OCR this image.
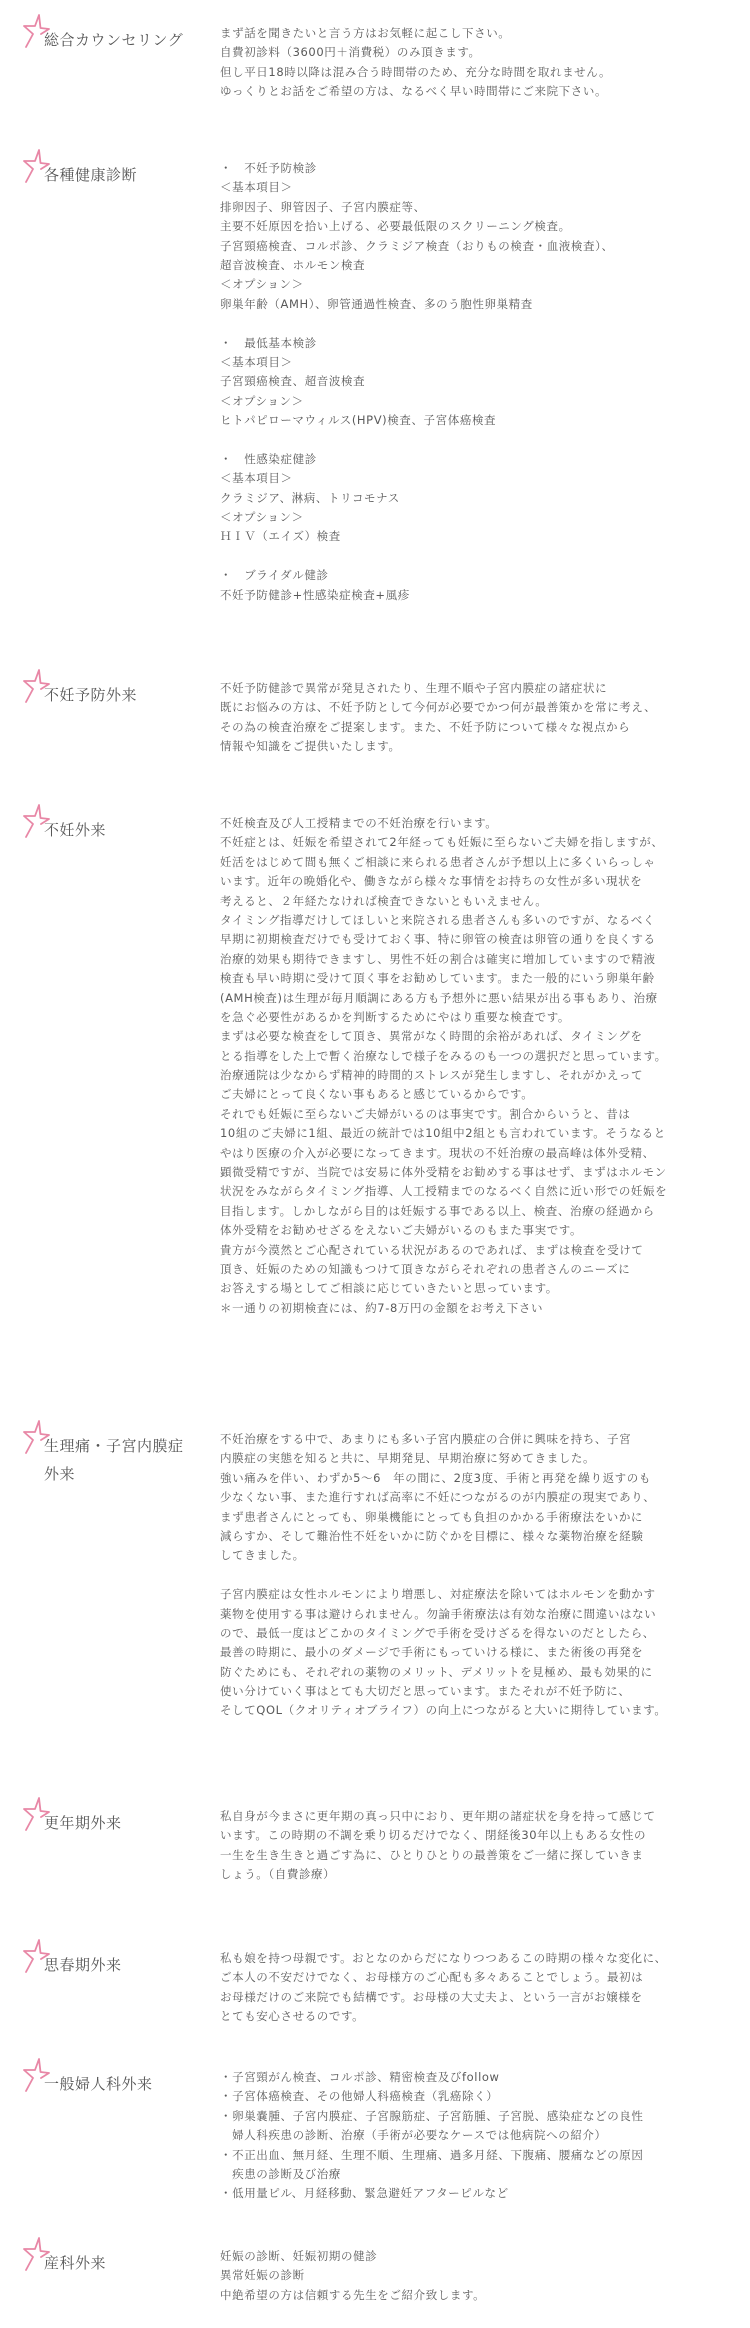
総合カウンセリング	まず話を聞きたいと言う方はお気軽に起こし下さい。
自費初診料（3600円＋消費税）のみ頂きます。
但し平日18時以降は混み合う時間帯のため、充分な時間を取れません。
ゆっくりとお話をご希望の方は、なるべく早い時間帯にご来院下さい。
各種健康診断	・　不妊予防検診
＜基本項目＞
排卵因子、卵管因子、子宮内膜症等、
主要不妊原因を拾い上げる、必要最低限のスクリーニング検査。
子宮頸癌検査、コルポ診、クラミジア検査（おりもの検査・血液検査）、
超音波検査、ホルモン検査
＜オプション＞
卵巣年齢（AMH）、卵管通過性検査、多のう胞性卵巣精査
・　最低基本検診
＜基本項目＞
子宮頸癌検査、超音波検査
＜オプション＞
ヒトパピローマウィルス(HPV)検査、子宮体癌検査
・　性感染症健診
＜基本項目＞
クラミジア、淋病、トリコモナス
＜オプション＞
ＨＩＶ（エイズ）検査
・　ブライダル健診
不妊予防健診+性感染症検査+風疹
不妊予防外来	不妊予防健診で異常が発見されたり、生理不順や子宮内膜症の諸症状に
既にお悩みの方は、不妊予防として今何が必要でかつ何が最善策かを常に考え、
その為の検査治療をご提案します。また、不妊予防について様々な視点から
情報や知識をご提供いたします。
不妊外来	不妊検査及び人工授精までの不妊治療を行います。
不妊症とは、妊娠を希望されて2年経っても妊娠に至らないご夫婦を指しますが、
妊活をはじめて間も無くご相談に来られる患者さんが予想以上に多くいらっしゃ
います。近年の晩婚化や、働きながら様々な事情をお持ちの女性が多い現状を
考えると、２年経たなければ検査できないともいえません。
タイミング指導だけしてほしいと来院される患者さんも多いのですが、なるべく
早期に初期検査だけでも受けておく事、特に卵管の検査は卵管の通りを良くする
治療的効果も期待できますし、男性不妊の割合は確実に増加していますので精液
検査も早い時期に受けて頂く事をお勧めしています。また一般的にいう卵巣年齢
(AMH検査)は生理が毎月順調にある方も予想外に悪い結果が出る事もあり、治療
を急ぐ必要性があるかを判断するためにやはり重要な検査です。
まずは必要な検査をして頂き、異常がなく時間的余裕があれば、タイミングを
とる指導をした上で暫く治療なしで様子をみるのも一つの選択だと思っています。
治療通院は少なからず精神的時間的ストレスが発生しますし、それがかえって
ご夫婦にとって良くない事もあると感じているからです。
それでも妊娠に至らないご夫婦がいるのは事実です。割合からいうと、昔は
10組のご夫婦に1組、最近の統計では10組中2組とも言われています。そうなると
やはり医療の介入が必要になってきます。現状の不妊治療の最高峰は体外受精、
顕微受精ですが、当院では安易に体外受精をお勧めする事はせず、まずはホルモン
状況をみながらタイミング指導、人工授精までのなるべく自然に近い形での妊娠を
目指します。しかしながら目的は妊娠する事である以上、検査、治療の経過から
体外受精をお勧めせざるをえないご夫婦がいるのもまた事実です。
貴方が今漠然とご心配されている状況があるのであれば、まずは検査を受けて
頂き、妊娠のための知識もつけて頂きながらそれぞれの患者さんのニーズに
お答えする場としてご相談に応じていきたいと思っています。
＊一通りの初期検査には、約7-8万円の金額をお考え下さい
生理痛・子宮内膜症
外来
不妊治療をする中で、あまりにも多い子宮内膜症の合併に興味を持ち、子宮
内膜症の実態を知ると共に、早期発見、早期治療に努めてきました。
強い痛みを伴い、わずか5～6　年の間に、2度3度、手術と再発を繰り返すのも
少なくない事、また進行すれば高率に不妊につながるのが内膜症の現実であり、
まず患者さんにとっても、卵巣機能にとっても負担のかかる手術療法をいかに
減らすか、そして難治性不妊をいかに防ぐかを目標に、様々な薬物治療を経験
してきました。
子宮内膜症は女性ホルモンにより増悪し、対症療法を除いてはホルモンを動かす
薬物を使用する事は避けられません。勿論手術療法は有効な治療に間違いはない
ので、最低一度はどこかのタイミングで手術を受けざるを得ないのだとしたら、
最善の時期に、最小のダメージで手術にもっていける様に、また術後の再発を
防ぐためにも、それぞれの薬物のメリット、デメリットを見極め、最も効果的に
使い分けていく事はとても大切だと思っています。またそれが不妊予防に、
そしてQOL（クオリティオブライフ）の向上につながると大いに期待しています。
更年期外来	私自身が今まさに更年期の真っ只中におり、更年期の諸症状を身を持って感じて
います。この時期の不調を乗り切るだけでなく、閉経後30年以上もある女性の
一生を生き生きと過ごす為に、ひとりひとりの最善策をご一緒に探していきま
しょう。（自費診療）
思春期外来	私も娘を持つ母親です。おとなのからだになりつつあるこの時期の様々な変化に、
ご本人の不安だけでなく、お母様方のご心配も多々あることでしょう。最初は
お母様だけのご来院でも結構です。お母様の大丈夫よ、という一言がお嬢様を
とても安心させるのです。
一般婦人科外来	・子宮頸がん検査、コルポ診、精密検査及びfollow
・子宮体癌検査、その他婦人科癌検査（乳癌除く）
・卵巣嚢腫、子宮内膜症、子宮腺筋症、子宮筋腫、子宮脱、感染症などの良性
　婦人科疾患の診断、治療（手術が必要なケースでは他病院への紹介）
・不正出血、無月経、生理不順、生理痛、過多月経、下腹痛、腰痛などの原因
　疾患の診断及び治療
・低用量ピル、月経移動、緊急避妊アフターピルなど
産科外来	妊娠の診断、妊娠初期の健診
異常妊娠の診断
中絶希望の方は信頼する先生をご紹介致します。
